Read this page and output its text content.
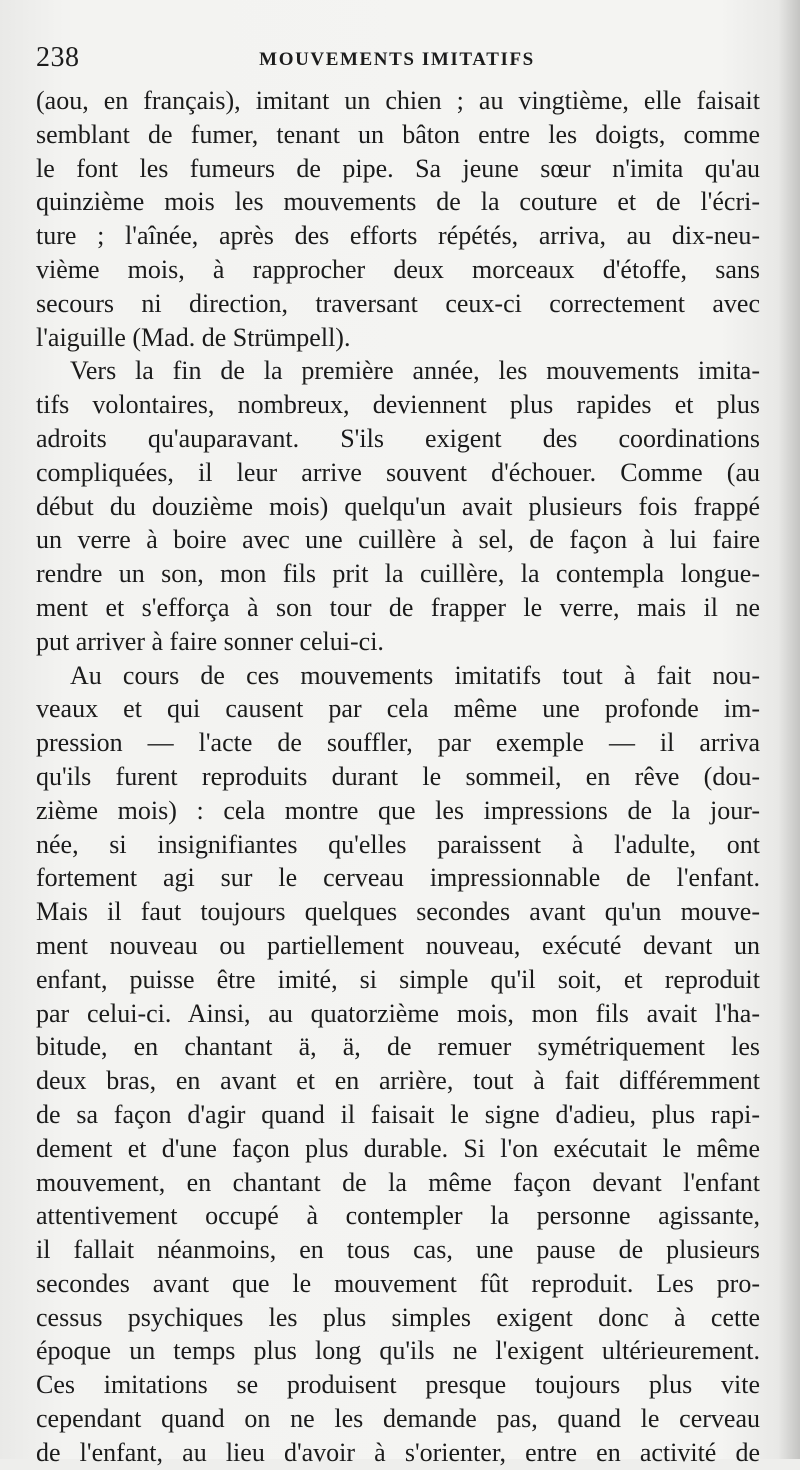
238	MOUVEMENTS IMITATIFS
(aou, en français), imitant un chien ; au vingtième, elle faisait
semblant de fumer, tenant un bâton entre les doigts, comme
le font les fumeurs de pipe. Sa jeune sœur n'imita qu'au
quinzième mois les mouvements de la couture et de l'écri-
ture ; l'aînée, après des efforts répétés, arriva, au dix-neu-
vième mois, à rapprocher deux morceaux d'étoffe, sans
secours ni direction, traversant ceux-ci correctement avec
l'aiguille (Mad. de Strümpell).
Vers la fin de la première année, les mouvements imita-
tifs volontaires, nombreux, deviennent plus rapides et plus
adroits qu'auparavant. S'ils exigent des coordinations
compliquées, il leur arrive souvent d'échouer. Comme (au
début du douzième mois) quelqu'un avait plusieurs fois frappé
un verre à boire avec une cuillère à sel, de façon à lui faire
rendre un son, mon fils prit la cuillère, la contempla longue-
ment et s'efforça à son tour de frapper le verre, mais il ne
put arriver à faire sonner celui-ci.
Au cours de ces mouvements imitatifs tout à fait nou-
veaux et qui causent par cela même une profonde im-
pression — l'acte de souffler, par exemple — il arriva
qu'ils furent reproduits durant le sommeil, en rêve (dou-
zième mois) : cela montre que les impressions de la jour-
née, si insignifiantes qu'elles paraissent à l'adulte, ont
fortement agi sur le cerveau impressionnable de l'enfant.
Mais il faut toujours quelques secondes avant qu'un mouve-
ment nouveau ou partiellement nouveau, exécuté devant un
enfant, puisse être imité, si simple qu'il soit, et reproduit
par celui-ci. Ainsi, au quatorzième mois, mon fils avait l'ha-
bitude, en chantant ä, ä, de remuer symétriquement les
deux bras, en avant et en arrière, tout à fait différemment
de sa façon d'agir quand il faisait le signe d'adieu, plus rapi-
dement et d'une façon plus durable. Si l'on exécutait le même
mouvement, en chantant de la même façon devant l'enfant
attentivement occupé à contempler la personne agissante,
il fallait néanmoins, en tous cas, une pause de plusieurs
secondes avant que le mouvement fût reproduit. Les pro-
cessus psychiques les plus simples exigent donc à cette
époque un temps plus long qu'ils ne l'exigent ultérieurement.
Ces imitations se produisent presque toujours plus vite
cependant quand on ne les demande pas, quand le cerveau
de l'enfant, au lieu d'avoir à s'orienter, entre en activité de
